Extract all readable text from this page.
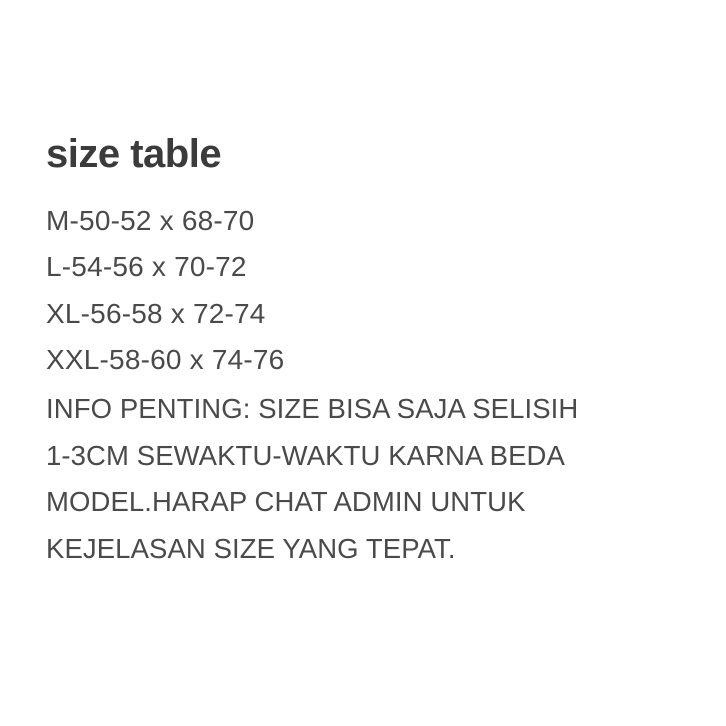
size table
M-50-52 x 68-70
L-54-56 x 70-72
XL-56-58 x 72-74
XXL-58-60 x 74-76

INFO PENTING: SIZE BISA SAJA SELISIH

1-3CM SEWAKTU-WAKTU KARNA BEDA

MODEL.HARAP CHAT ADMIN UNTUK

KEJELASAN SIZE YANG TEPAT.
